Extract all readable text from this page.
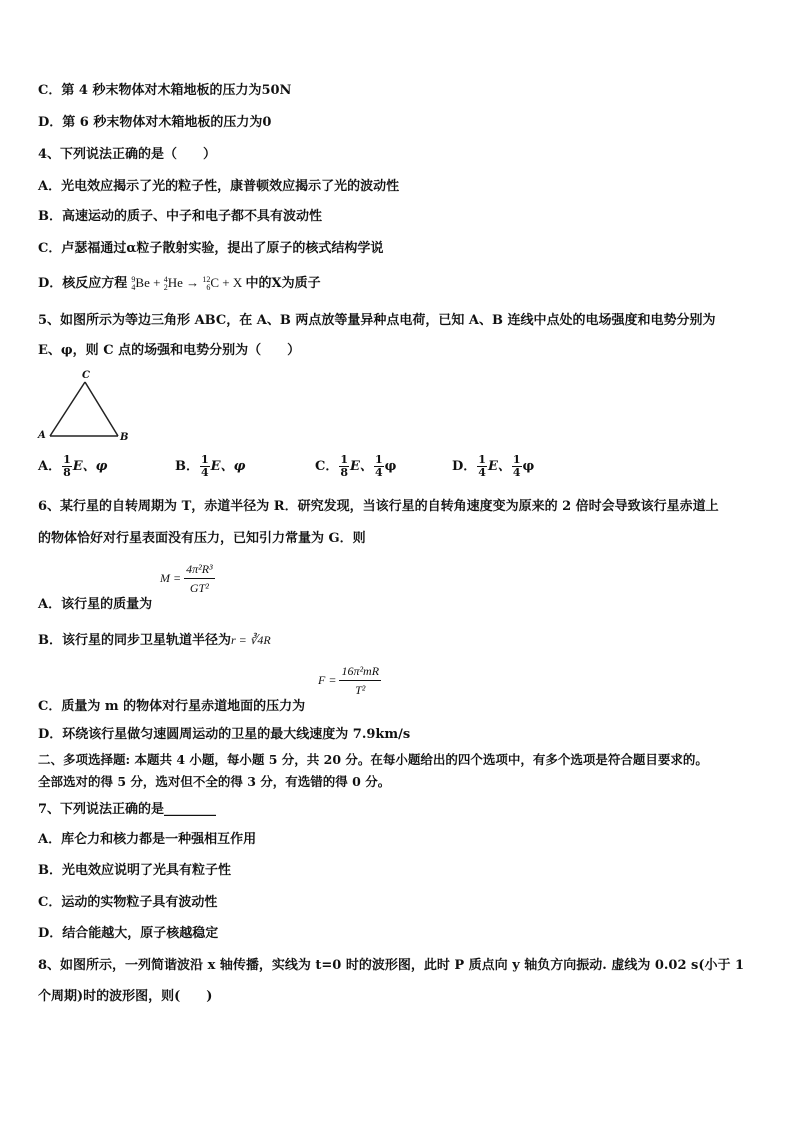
C．第 4 秒末物体对木箱地板的压力为50N
D．第 6 秒末物体对木箱地板的压力为0
4、下列说法正确的是（　　）
A．光电效应揭示了光的粒子性，康普顿效应揭示了光的波动性
B．高速运动的质子、中子和电子都不具有波动性
C．卢瑟福通过α粒子散射实验，提出了原子的核式结构学说
D．核反应方程 9
4 Be + 4
2 He → 12
6 C + X 中的X为质子
5、如图所示为等边三角形 ABC，在 A、B 两点放等量异种点电荷，已知 A、B 连线中点处的电场强度和电势分别为
E、φ，则 C 点的场强和电势分别为（　　）
C
A	B
A． $\frac{1}{8}$ E、φ	B． $\frac{1}{4}$ E、φ	C． $\frac{1}{8}$ E、 $\frac{1}{4}$ φ	D． $\frac{1}{4}$ E、 $\frac{1}{4}$ φ
6、某行星的自转周期为 T，赤道半径为 R．研究发现，当该行星的自转角速度变为原来的 2 倍时会导致该行星赤道上
的物体恰好对行星表面没有压力，已知引力常量为 G．则
$M = \frac{\text{4π²R³}}{\text{GT²}}$
A．该行星的质量为
B．该行星的同步卫星轨道半径为r = ∛4R
$F = \frac{\text{16π²mR}}{\text{T²}}$
C．质量为 m 的物体对行星赤道地面的压力为
D．环绕该行星做匀速圆周运动的卫星的最大线速度为 7.9km/s
二、多项选择题: 本题共 4 小题，每小题 5 分，共 20 分。在每小题给出的四个选项中，有多个选项是符合题目要求的。
全部选对的得 5 分，选对但不全的得 3 分，有选错的得 0 分。
7、下列说法正确的是________
A．库仑力和核力都是一种强相互作用
B．光电效应说明了光具有粒子性
C．运动的实物粒子具有波动性
D．结合能越大，原子核越稳定
8、如图所示，一列简谐波沿 x 轴传播，实线为 t=0 时的波形图，此时 P 质点向 y 轴负方向振动. 虚线为 0.02 s(小于 1
个周期)时的波形图，则(　　)
